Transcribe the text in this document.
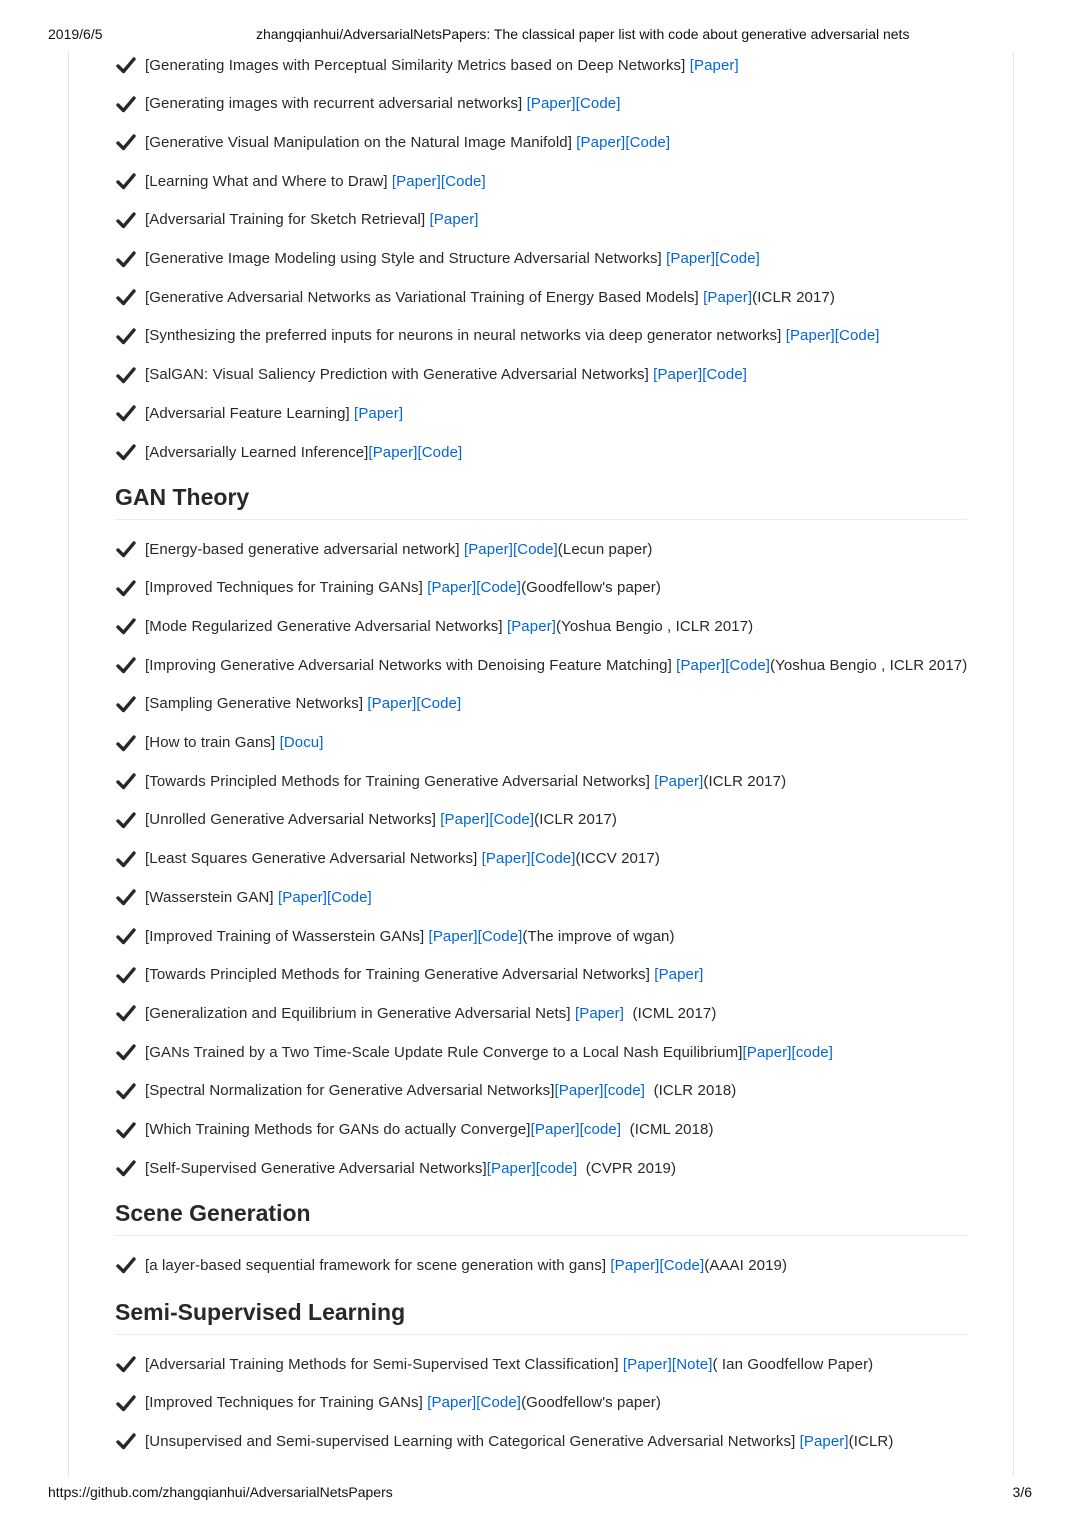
2019/6/5	zhangqianhui/AdversarialNetsPapers: The classical paper list with code about generative adversarial nets
GAN Theory
Scene Generation
Semi-Supervised Learning
[Generating Images with Perceptual Similarity Metrics based on Deep Networks] [Paper]
[Generating images with recurrent adversarial networks] [Paper] [Code]
[Generative Visual Manipulation on the Natural Image Manifold] [Paper] [Code]
[Learning What and Where to Draw] [Paper] [Code]
[Adversarial Training for Sketch Retrieval] [Paper]
[Generative Image Modeling using Style and Structure Adversarial Networks] [Paper] [Code]
[Generative Adversarial Networks as Variational Training of Energy Based Models] [Paper] (ICLR 2017)
[Synthesizing the preferred inputs for neurons in neural networks via deep generator networks] [Paper] [Code]
[SalGAN: Visual Saliency Prediction with Generative Adversarial Networks] [Paper] [Code]
[Adversarial Feature Learning] [Paper]
[Adversarially Learned Inference] [Paper] [Code]
[Energy-based generative adversarial network] [Paper] [Code] (Lecun paper)
[Improved Techniques for Training GANs] [Paper] [Code] (Goodfellow's paper)
[Mode Regularized Generative Adversarial Networks] [Paper] (Yoshua Bengio , ICLR 2017)
[Improving Generative Adversarial Networks with Denoising Feature Matching] [Paper] [Code] (Yoshua Bengio , ICLR 2017)
[Sampling Generative Networks] [Paper] [Code]
[How to train Gans] [Docu]
[Towards Principled Methods for Training Generative Adversarial Networks] [Paper] (ICLR 2017)
[Unrolled Generative Adversarial Networks] [Paper] [Code] (ICLR 2017)
[Least Squares Generative Adversarial Networks] [Paper] [Code] (ICCV 2017)
[Wasserstein GAN] [Paper] [Code]
[Improved Training of Wasserstein GANs] [Paper] [Code] (The improve of wgan)
[Towards Principled Methods for Training Generative Adversarial Networks] [Paper]
[Generalization and Equilibrium in Generative Adversarial Nets] [Paper] (ICML 2017)
[GANs Trained by a Two Time-Scale Update Rule Converge to a Local Nash Equilibrium] [Paper] [code]
[Spectral Normalization for Generative Adversarial Networks] [Paper] [code] (ICLR 2018)
[Which Training Methods for GANs do actually Converge] [Paper] [code] (ICML 2018)
[Self-Supervised Generative Adversarial Networks] [Paper] [code] (CVPR 2019)
[a layer-based sequential framework for scene generation with gans] [Paper] [Code] (AAAI 2019)
[Adversarial Training Methods for Semi-Supervised Text Classification] [Paper] [Note] ( Ian Goodfellow Paper)
[Improved Techniques for Training GANs] [Paper] [Code] (Goodfellow's paper)
[Unsupervised and Semi-supervised Learning with Categorical Generative Adversarial Networks] [Paper] (ICLR)
https://github.com/zhangqianhui/AdversarialNetsPapers	3/6
